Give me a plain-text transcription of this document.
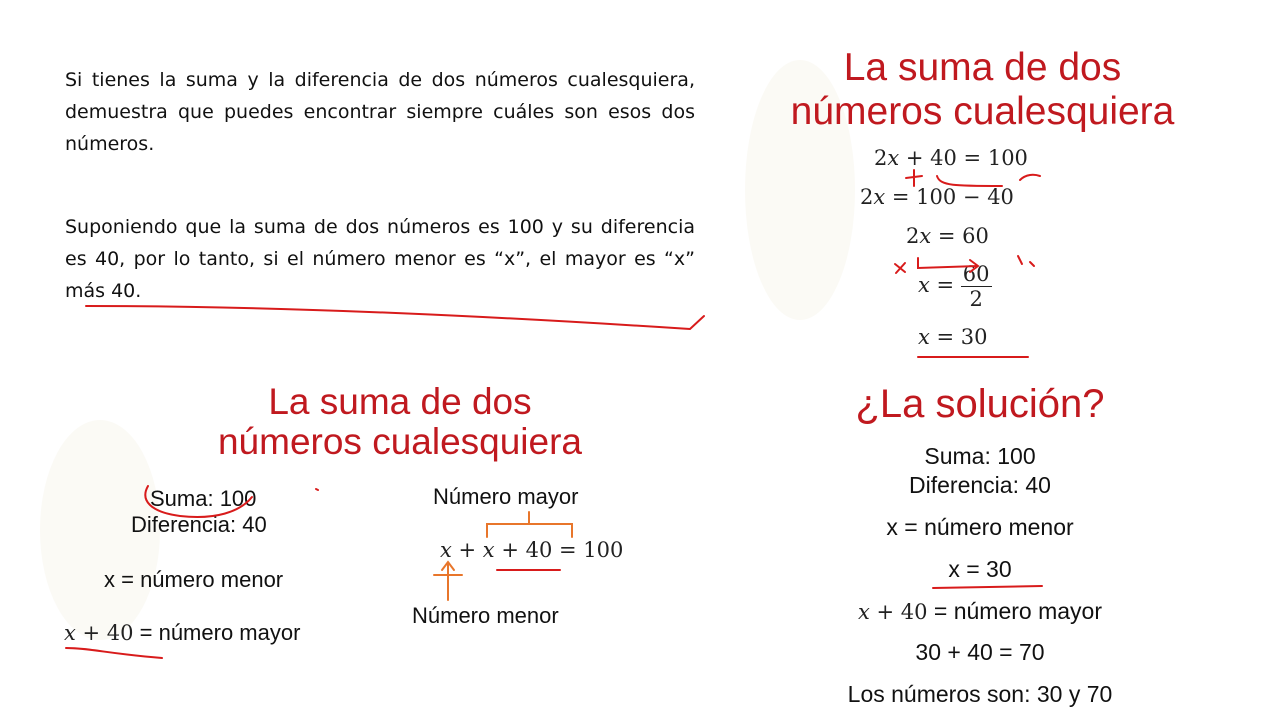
Si tienes la suma y la diferencia de dos números cualesquiera, demuestra que puedes encontrar siempre cuáles son esos dos números.

Suponiendo que la suma de dos números es 100 y su diferencia es 40, por lo tanto, si el número menor es “x”, el mayor es “x” más 40.

La suma de dos
números cualesquiera
2x + 40 = 100
2x = 100 − 40
2x = 60
$x = \frac{60}{2}$
x = 30
La suma de dos
números cualesquiera
Suma: 100
Diferencia: 40
x = número menor
x + 40 = número mayor
Número mayor
x + x + 40 = 100
Número menor
¿La solución?
Suma: 100
Diferencia: 40
x = número menor
x = 30
x + 40 = número mayor
30 + 40 = 70
Los números son: 30 y 70
